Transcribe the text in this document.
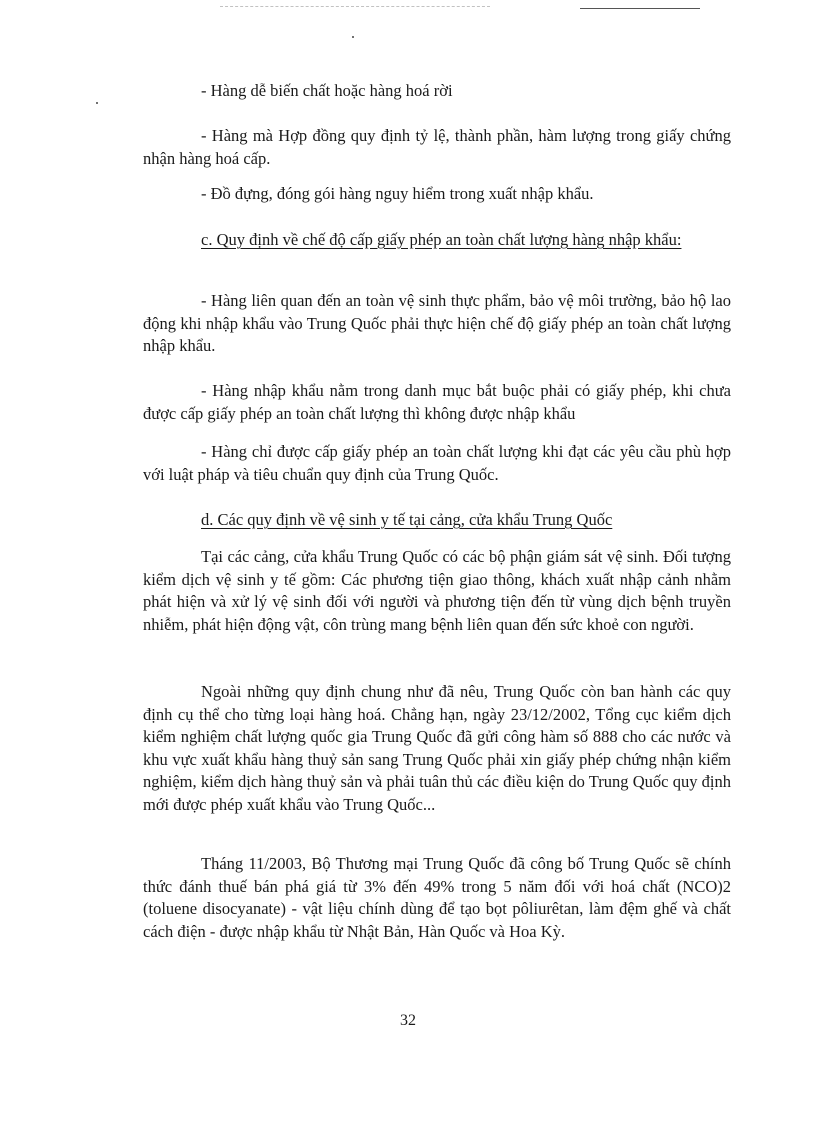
- Hàng dễ biến chất hoặc hàng hoá rời

- Hàng mà Hợp đồng quy định tỷ lệ, thành phần, hàm lượng trong giấy chứng nhận hàng hoá cấp.

- Đồ đựng, đóng gói hàng nguy hiểm trong xuất nhập khẩu.

c. Quy định về chế độ cấp giấy phép an toàn chất lượng hàng nhập khẩu:

- Hàng liên quan đến an toàn vệ sinh thực phẩm, bảo vệ môi trường, bảo hộ lao động khi nhập khẩu vào Trung Quốc phải thực hiện chế độ giấy phép an toàn chất lượng nhập khẩu.

- Hàng nhập khẩu nằm trong danh mục bắt buộc phải có giấy phép, khi chưa được cấp giấy phép an toàn chất lượng thì không được nhập khẩu

- Hàng chỉ được cấp giấy phép an toàn chất lượng khi đạt các yêu cầu phù hợp với luật pháp và tiêu chuẩn quy định của Trung Quốc.

d. Các quy định về vệ sinh y tế tại cảng, cửa khẩu Trung Quốc

Tại các cảng, cửa khẩu Trung Quốc có các bộ phận giám sát vệ sinh. Đối tượng kiểm dịch vệ sinh y tế gồm: Các phương tiện giao thông, khách xuất nhập cảnh nhằm phát hiện và xử lý vệ sinh đối với người và phương tiện đến từ vùng dịch bệnh truyền nhiễm, phát hiện động vật, côn trùng mang bệnh liên quan đến sức khoẻ con người.

Ngoài những quy định chung như đã nêu, Trung Quốc còn ban hành các quy định cụ thể cho từng loại hàng hoá. Chẳng hạn, ngày 23/12/2002, Tổng cục kiểm dịch kiểm nghiệm chất lượng quốc gia Trung Quốc đã gửi công hàm số 888 cho các nước và khu vực xuất khẩu hàng thuỷ sản sang Trung Quốc phải xin giấy phép chứng nhận kiểm nghiệm, kiểm dịch hàng thuỷ sản và phải tuân thủ các điều kiện do Trung Quốc quy định mới được phép xuất khẩu vào Trung Quốc...

Tháng 11/2003, Bộ Thương mại Trung Quốc đã công bố Trung Quốc sẽ chính thức đánh thuế bán phá giá từ 3% đến 49% trong 5 năm đối với hoá chất (NCO)2 (toluene disocyanate) - vật liệu chính dùng để tạo bọt pôliurêtan, làm đệm ghế và chất cách điện - được nhập khẩu từ Nhật Bản, Hàn Quốc và Hoa Kỳ.

32
